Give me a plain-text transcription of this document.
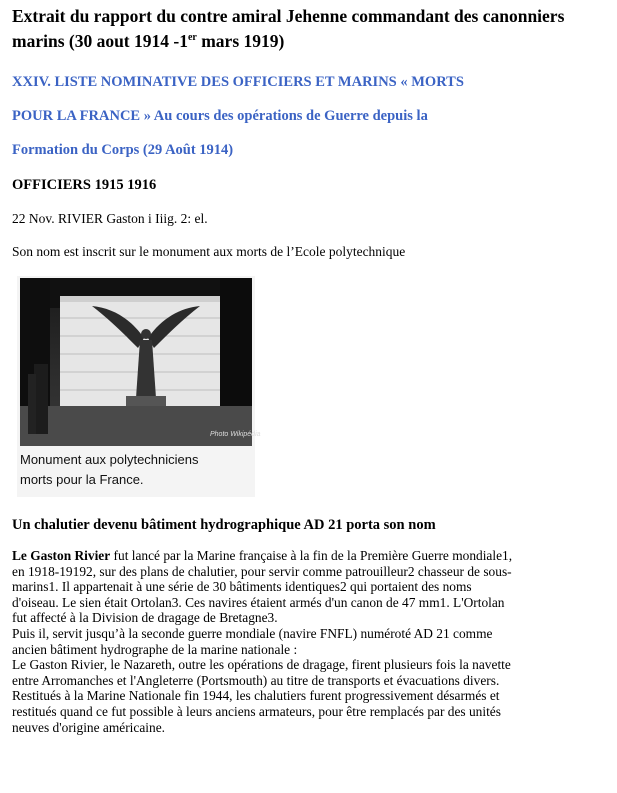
Extrait du rapport du contre amiral Jehenne commandant des canonniers
marins (30 aout 1914 -1er mars 1919)

XXIV. LISTE NOMINATIVE DES OFFICIERS ET MARINS « MORTS

POUR LA FRANCE » Au cours des opérations de Guerre depuis la

Formation du Corps (29 Août 1914)

OFFICIERS 1915 1916

22 Nov. RIVIER Gaston i Iiig. 2: el.

Son nom est inscrit sur le monument aux morts de l’Ecole polytechnique

Photo Wikipédia
Monument aux polytechniciens
morts pour la France.

Un chalutier devenu bâtiment hydrographique AD 21 porta son nom

Le Gaston Rivier fut lancé par la Marine française à la fin de la Première Guerre mondiale1,

en 1918-19192, sur des plans de chalutier, pour servir comme patrouilleur2 chasseur de sous-

marins1. Il appartenait à une série de 30 bâtiments identiques2 qui portaient des noms

d'oiseau. Le sien était Ortolan3. Ces navires étaient armés d'un canon de 47 mm1. L'Ortolan

fut affecté à la Division de dragage de Bretagne3.

Puis il, servit jusqu’à la seconde guerre mondiale (navire FNFL) numéroté AD 21 comme

ancien bâtiment hydrographe de la marine nationale :

Le Gaston Rivier, le Nazareth, outre les opérations de dragage, firent plusieurs fois la navette

entre Arromanches et l'Angleterre (Portsmouth) au titre de transports et évacuations divers.

Restitués à la Marine Nationale fin 1944, les chalutiers furent progressivement désarmés et

restitués quand ce fut possible à leurs anciens armateurs, pour être remplacés par des unités

neuves d'origine américaine.
